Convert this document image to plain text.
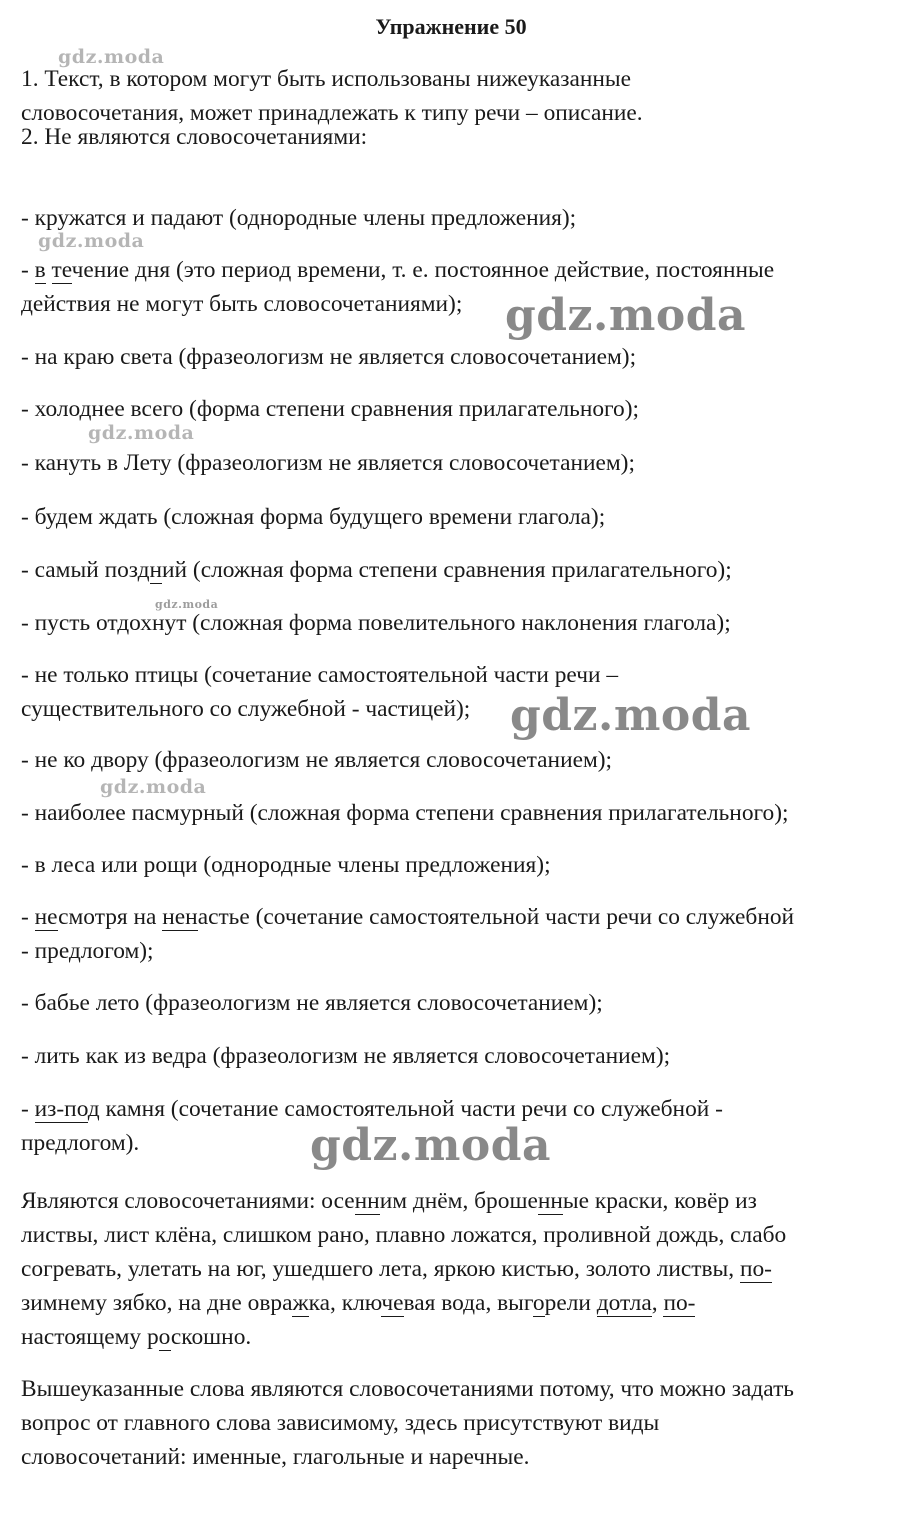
Упражнение 50
gdz.moda
gdz.moda
gdz.moda
gdz.moda
gdz.moda
gdz.moda
gdz.moda
gdz.moda
1. Текст, в котором могут быть использованы нижеуказанные
словосочетания, может принадлежать к типу речи – описание.
2. Не являются словосочетаниями:
- кружатся и падают (однородные члены предложения);
- в течение дня (это период времени, т. е. постоянное действие, постоянные
действия не могут быть словосочетаниями);
- на краю света (фразеологизм не является словосочетанием);
- холоднее всего (форма степени сравнения прилагательного);
- кануть в Лету (фразеологизм не является словосочетанием);
- будем ждать (сложная форма будущего времени глагола);
- самый поздний (сложная форма степени сравнения прилагательного);
- пусть отдохнут (сложная форма повелительного наклонения глагола);
- не только птицы (сочетание самостоятельной части речи –
существительного со служебной - частицей);
- не ко двору (фразеологизм не является словосочетанием);
- наиболее пасмурный (сложная форма степени сравнения прилагательного);
- в леса или рощи (однородные члены предложения);
- несмотря на ненастье (сочетание самостоятельной части речи со служебной
- предлогом);
- бабье лето (фразеологизм не является словосочетанием);
- лить как из ведра (фразеологизм не является словосочетанием);
- из-под камня (сочетание самостоятельной части речи со служебной -
предлогом).
Являются словосочетаниями: осенним днём, брошенные краски, ковёр из
листвы, лист клёна, слишком рано, плавно ложатся, проливной дождь, слабо
согревать, улетать на юг, ушедшего лета, яркою кистью, золото листвы, по-
зимнему зябко, на дне овражка, ключевая вода, выгорели дотла, по-
настоящему роскошно.
Вышеуказанные слова являются словосочетаниями потому, что можно задать
вопрос от главного слова зависимому, здесь присутствуют виды
словосочетаний: именные, глагольные и наречные.
